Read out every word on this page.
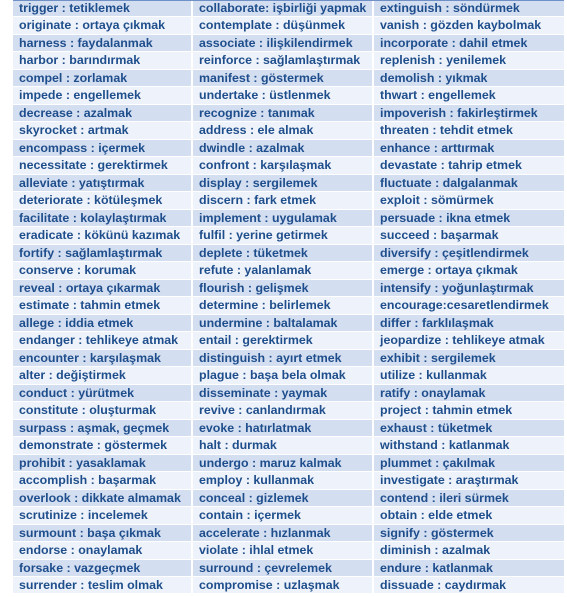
trigger : tetiklemek	collaborate: işbirliği yapmak	extinguish : söndürmek
originate : ortaya çıkmak	contemplate : düşünmek	vanish : gözden kaybolmak
harness : faydalanmak	associate : ilişkilendirmek	incorporate : dahil etmek
harbor : barındırmak	reinforce : sağlamlaştırmak	replenish : yenilemek
compel : zorlamak	manifest : göstermek	demolish : yıkmak
impede : engellemek	undertake : üstlenmek	thwart : engellemek
decrease : azalmak	recognize : tanımak	impoverish : fakirleştirmek
skyrocket : artmak	address : ele almak	threaten : tehdit etmek
encompass : içermek	dwindle : azalmak	enhance : arttırmak
necessitate : gerektirmek	confront : karşılaşmak	devastate : tahrip etmek
alleviate : yatıştırmak	display : sergilemek	fluctuate : dalgalanmak
deteriorate : kötüleşmek	discern : fark etmek	exploit : sömürmek
facilitate : kolaylaştırmak	implement : uygulamak	persuade : ikna etmek
eradicate : kökünü kazımak	fulfil : yerine getirmek	succeed : başarmak
fortify : sağlamlaştırmak	deplete : tüketmek	diversify : çeşitlendirmek
conserve : korumak	refute : yalanlamak	emerge : ortaya çıkmak
reveal : ortaya çıkarmak	flourish : gelişmek	intensify : yoğunlaştırmak
estimate : tahmin etmek	determine : belirlemek	encourage:cesaretlendirmek
allege : iddia etmek	undermine : baltalamak	differ : farklılaşmak
endanger : tehlikeye atmak	entail : gerektirmek	jeopardize : tehlikeye atmak
encounter : karşılaşmak	distinguish : ayırt etmek	exhibit : sergilemek
alter : değiştirmek	plague : başa bela olmak	utilize : kullanmak
conduct : yürütmek	disseminate : yaymak	ratify : onaylamak
constitute : oluşturmak	revive : canlandırmak	project : tahmin etmek
surpass : aşmak, geçmek	evoke : hatırlatmak	exhaust : tüketmek
demonstrate : göstermek	halt : durmak	withstand : katlanmak
prohibit : yasaklamak	undergo : maruz kalmak	plummet : çakılmak
accomplish : başarmak	employ : kullanmak	investigate : araştırmak
overlook : dikkate almamak	conceal : gizlemek	contend : ileri sürmek
scrutinize : incelemek	contain : içermek	obtain : elde etmek
surmount : başa çıkmak	accelerate : hızlanmak	signify : göstermek
endorse : onaylamak	violate : ihlal etmek	diminish : azalmak
forsake : vazgeçmek	surround : çevrelemek	endure : katlanmak
surrender : teslim olmak	compromise : uzlaşmak	dissuade : caydırmak
